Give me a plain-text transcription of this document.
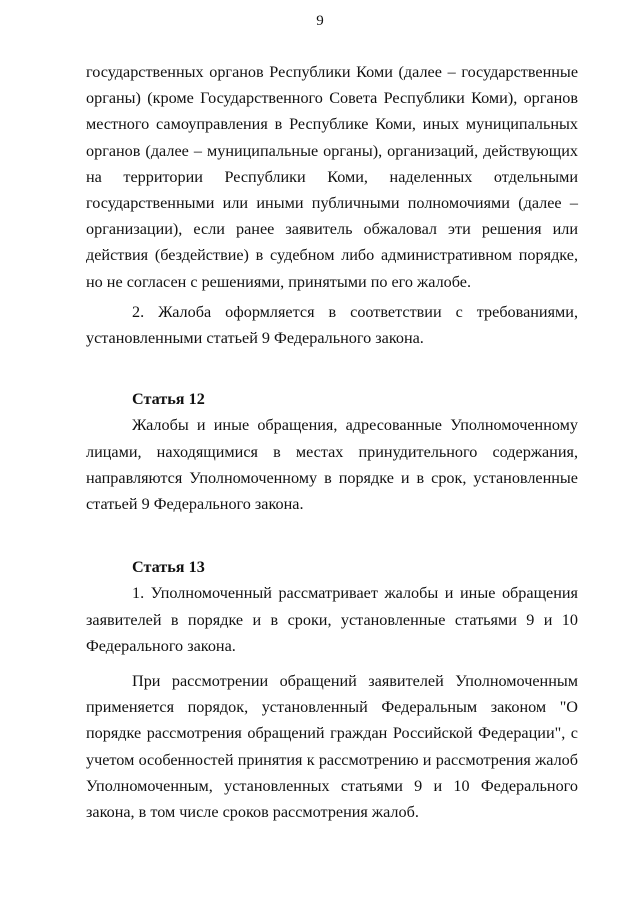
9

государственных органов Республики Коми (далее – государственные органы) (кроме Государственного Совета Республики Коми), органов местного самоуправления в Республике Коми, иных муниципальных органов (далее – муниципальные органы), организаций, действующих на территории Республики Коми, наделенных отдельными государственными или иными публичными полномочиями (далее – организации), если ранее заявитель обжаловал эти решения или действия (бездействие) в судебном либо административном порядке, но не согласен с решениями, принятыми по его жалобе.

2. Жалоба оформляется в соответствии с требованиями, установленными статьей 9 Федерального закона.

Статья 12

Жалобы и иные обращения, адресованные Уполномоченному лицами, находящимися в местах принудительного содержания, направляются Уполномоченному в порядке и в срок, установленные статьей 9 Федерального закона.

Статья 13

1. Уполномоченный рассматривает жалобы и иные обращения заявителей в порядке и в сроки, установленные статьями 9 и 10 Федерального закона.

При рассмотрении обращений заявителей Уполномоченным применяется порядок, установленный Федеральным законом "О порядке рассмотрения обращений граждан Российской Федерации", с учетом особенностей принятия к рассмотрению и рассмотрения жалоб Уполномоченным, установленных статьями 9 и 10 Федерального закона, в том числе сроков рассмотрения жалоб.
